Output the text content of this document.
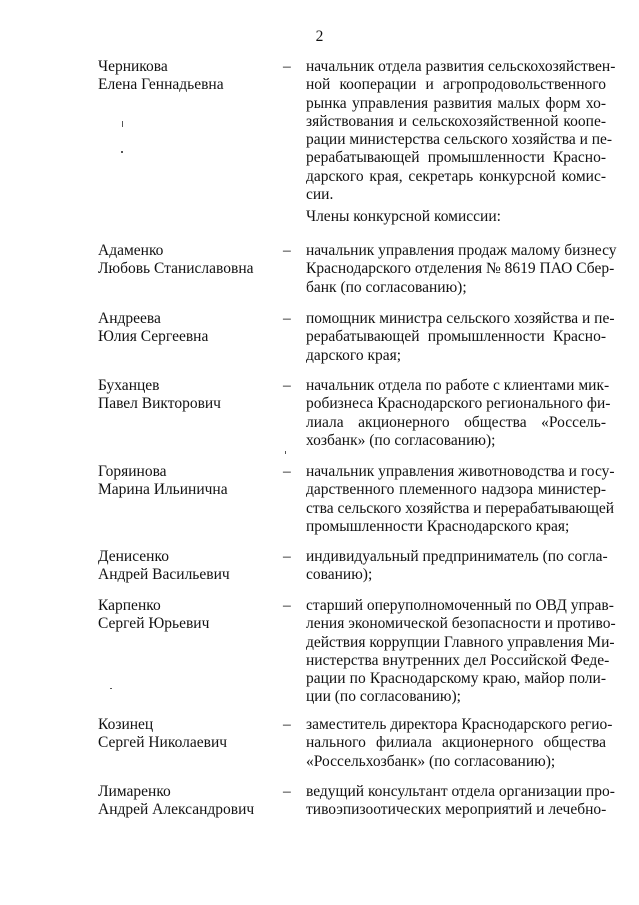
2
Черникова
Елена Геннадьевна
– начальник отдела развития сельскохозяйствен-
ной кооперации и агропродовольственного
рынка управления развития малых форм хо-
зяйствования и сельскохозяйственной коопе-
рации министерства сельского хозяйства и пе-
рерабатывающей промышленности Красно-
дарского края, секретарь конкурсной комис-
сии.
Члены конкурсной комиссии:
Адаменко
Любовь Станиславовна
– начальник управления продаж малому бизнесу
Краснодарского отделения № 8619 ПАО Сбер-
банк (по согласованию);
Андреева
Юлия Сергеевна
– помощник министра сельского хозяйства и пе-
рерабатывающей промышленности Красно-
дарского края;
Буханцев
Павел Викторович
– начальник отдела по работе с клиентами мик-
робизнеса Краснодарского регионального фи-
лиала акционерного общества «Россель-
хозбанк» (по согласованию);
Горяинова
Марина Ильинична
– начальник управления животноводства и госу-
дарственного племенного надзора министер-
ства сельского хозяйства и перерабатывающей
промышленности Краснодарского края;
Денисенко
Андрей Васильевич
– индивидуальный предприниматель (по согла-
сованию);
Карпенко
Сергей Юрьевич
– старший оперуполномоченный по ОВД управ-
ления экономической безопасности и противо-
действия коррупции Главного управления Ми-
нистерства внутренних дел Российской Феде-
рации по Краснодарскому краю, майор поли-
ции (по согласованию);
Козинец
Сергей Николаевич
– заместитель директора Краснодарского регио-
нального филиала акционерного общества
«Россельхозбанк» (по согласованию);
Лимаренко
Андрей Александрович
– ведущий консультант отдела организации про-
тивоэпизоотических мероприятий и лечебно-
